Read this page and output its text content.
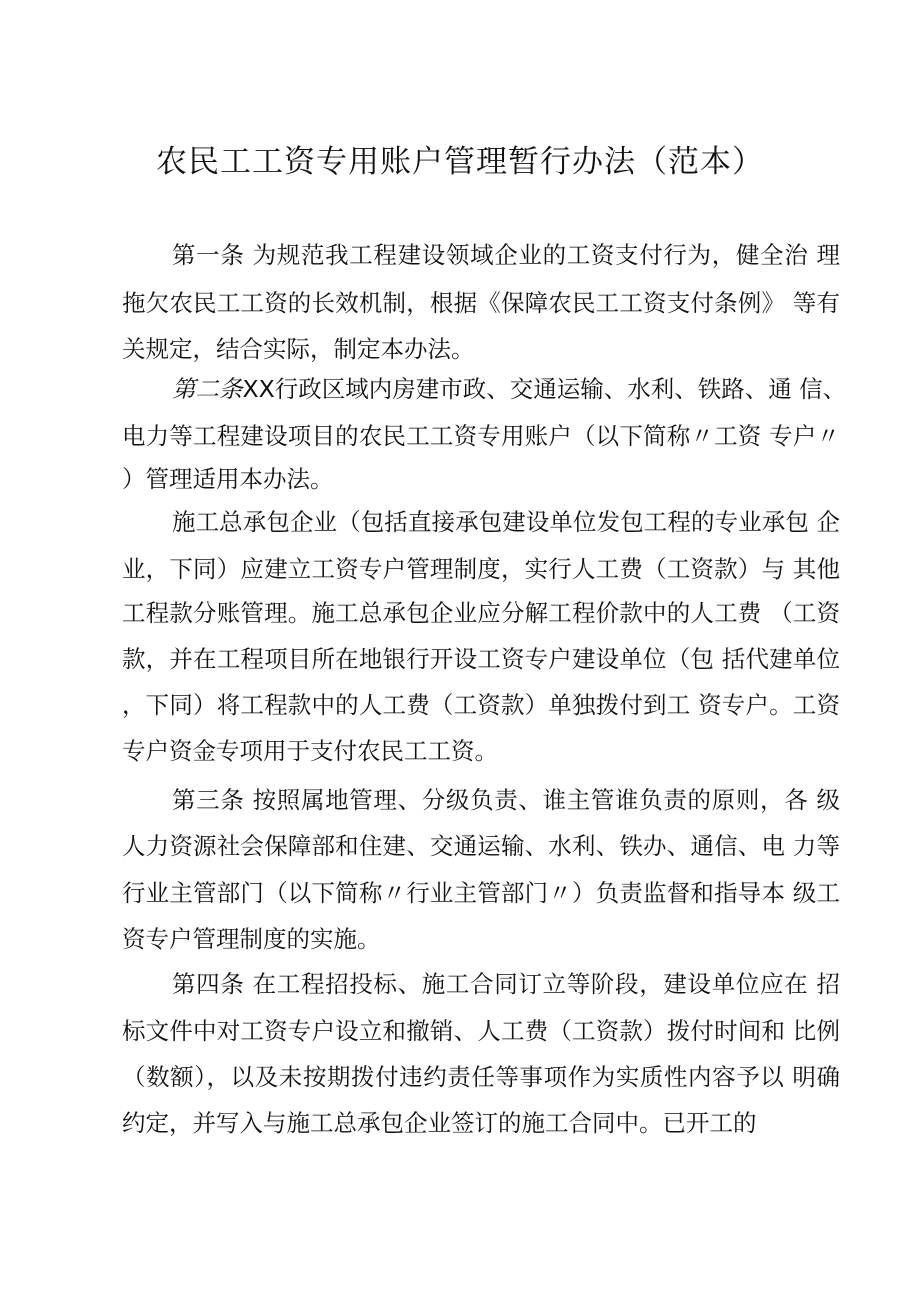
农民工工资专用账户管理暂行办法（范本）
第一条 为规范我工程建设领域企业的工资支付行为，健全治 理
拖欠农民工工资的长效机制，根据《保障农民工工资支付条例》 等有
关规定，结合实际，制定本办法。
第二条XX行政区域内房建市政、交通运输、水利、铁路、通 信、
电力等工程建设项目的农民工工资专用账户（以下简称〃工资 专户〃
）管理适用本办法。
施工总承包企业（包括直接承包建设单位发包工程的专业承包 企
业，下同）应建立工资专户管理制度，实行人工费（工资款）与 其他
工程款分账管理。施工总承包企业应分解工程价款中的人工费 （工资
款，并在工程项目所在地银行开设工资专户建设单位（包 括代建单位
，下同）将工程款中的人工费（工资款）单独拨付到工 资专户。工资
专户资金专项用于支付农民工工资。
第三条 按照属地管理、分级负责、谁主管谁负责的原则，各 级
人力资源社会保障部和住建、交通运输、水利、铁办、通信、电 力等
行业主管部门（以下简称〃行业主管部门〃）负责监督和指导本 级工
资专户管理制度的实施。
第四条 在工程招投标、施工合同订立等阶段，建设单位应在 招
标文件中对工资专户设立和撤销、人工费（工资款）拨付时间和 比例
（数额），以及未按期拨付违约责任等事项作为实质性内容予以 明确
约定，并写入与施工总承包企业签订的施工合同中。已开工的
